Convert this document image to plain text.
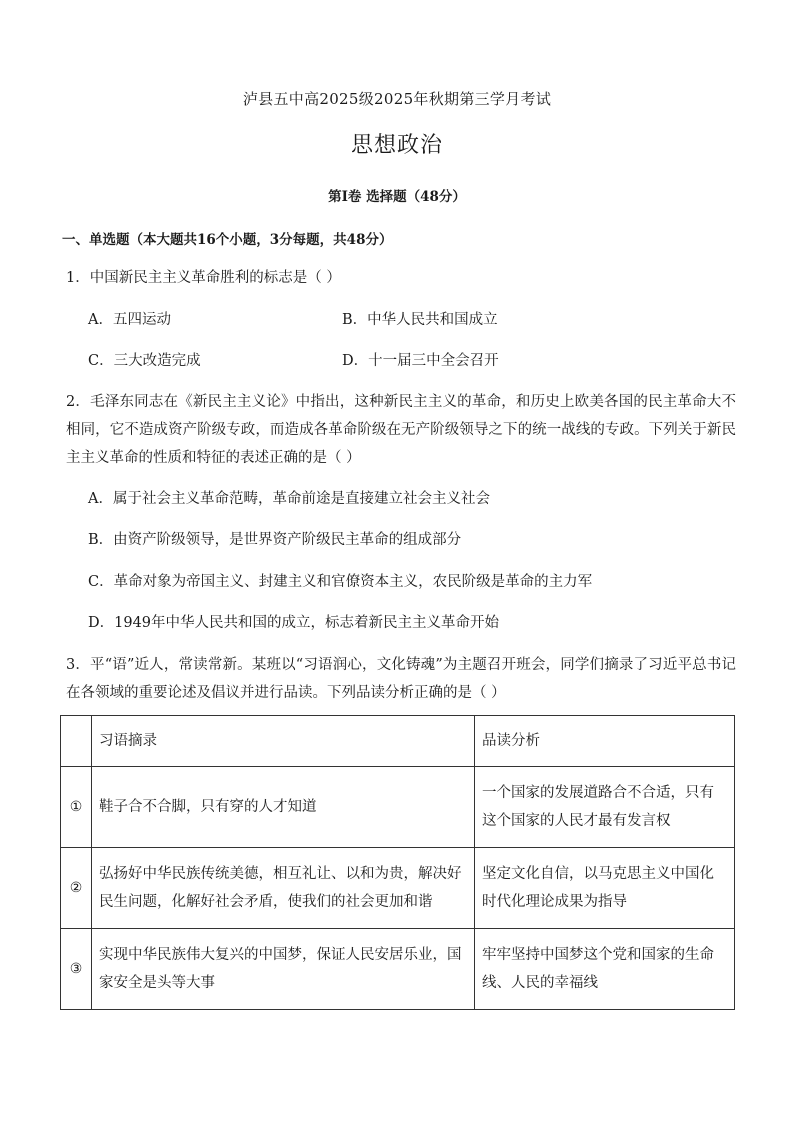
泸县五中高2025级2025年秋期第三学月考试
思想政治
第Ⅰ卷 选择题（48分）
一、单选题（本大题共16个小题，3分每题，共48分）
1．中国新民主主义革命胜利的标志是（ ）
A．五四运动	B．中华人民共和国成立
C．三大改造完成	D．十一届三中全会召开
2．毛泽东同志在《新民主主义论》中指出，这种新民主主义的革命，和历史上欧美各国的民主革命大不相同，它不造成资产阶级专政，而造成各革命阶级在无产阶级领导之下的统一战线的专政。下列关于新民主主义革命的性质和特征的表述正确的是（ ）
A．属于社会主义革命范畴，革命前途是直接建立社会主义社会
B．由资产阶级领导，是世界资产阶级民主革命的组成部分
C．革命对象为帝国主义、封建主义和官僚资本主义，农民阶级是革命的主力军
D．1949年中华人民共和国的成立，标志着新民主主义革命开始
3．平“语”近人，常读常新。某班以“习语润心，文化铸魂”为主题召开班会，同学们摘录了习近平总书记在各领域的重要论述及倡议并进行品读。下列品读分析正确的是（ ）
	习语摘录	品读分析
①	鞋子合不合脚，只有穿的人才知道	一个国家的发展道路合不合适，只有这个国家的人民才最有发言权
②	弘扬好中华民族传统美德，相互礼让、以和为贵，解决好民生问题，化解好社会矛盾，使我们的社会更加和谐	坚定文化自信，以马克思主义中国化时代化理论成果为指导
③	实现中华民族伟大复兴的中国梦，保证人民安居乐业，国家安全是头等大事	牢牢坚持中国梦这个党和国家的生命线、人民的幸福线
